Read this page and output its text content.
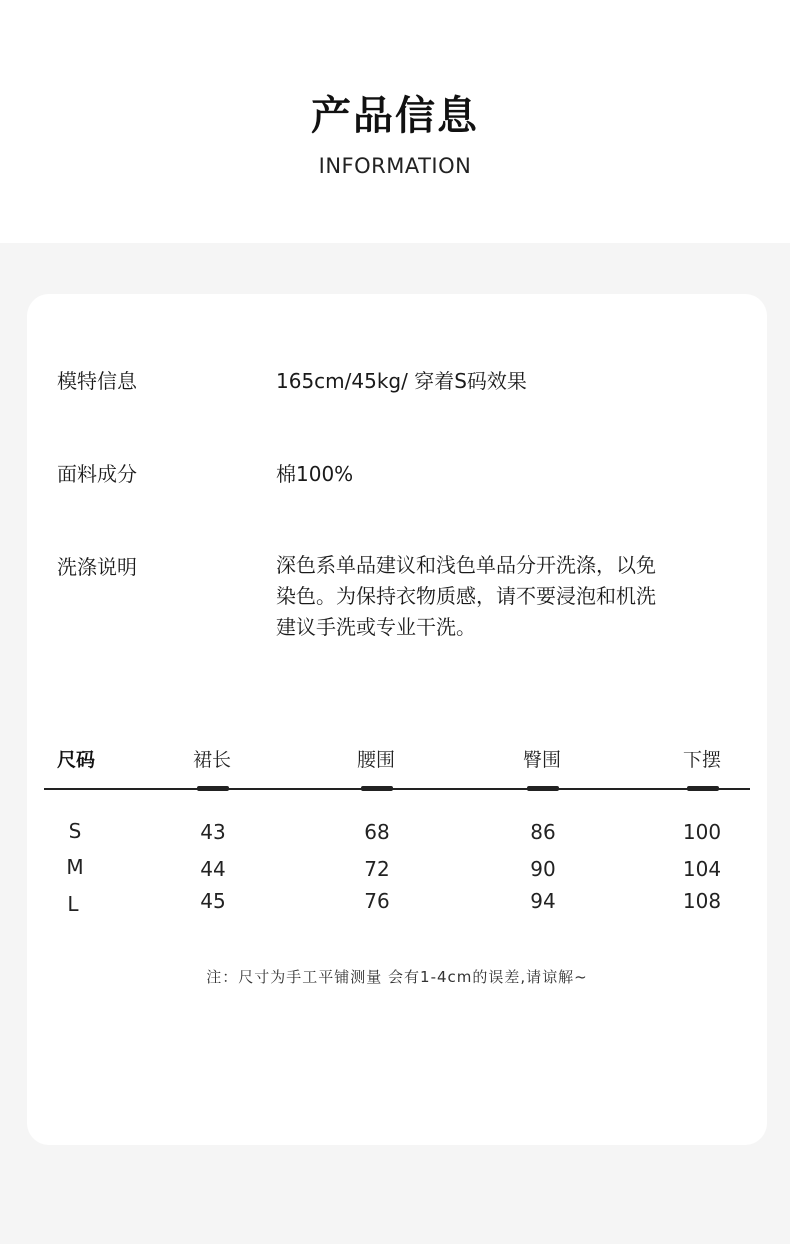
产品信息
INFORMATION
模特信息	165cm/45kg/ 穿着S码效果
面料成分	棉100%
洗涤说明	深色系单品建议和浅色单品分开洗涤，以免
染色。为保持衣物质感，请不要浸泡和机洗
建议手洗或专业干洗。
尺码	裙长	腰围	臀围	下摆
S	43	68	86	100
M	44	72	90	104
L	45	76	94	108
注：尺寸为手工平铺测量 会有1-4cm的误差,请谅解~
